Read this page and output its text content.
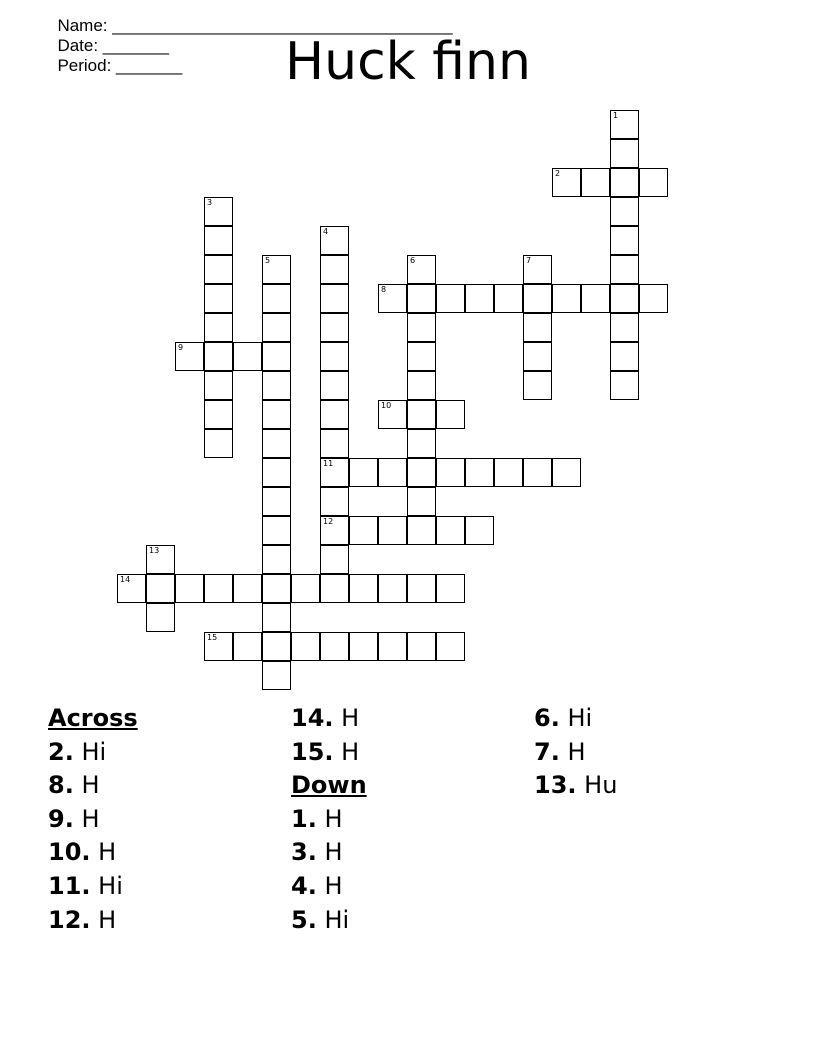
Name: ____________________________________
Date: _______
Period: _______	Huck finn
1
2
3
4
11
12
5	6	7
8
9
10
13
14
15
Across
2. Hi
8. H
9. H
10. H
11. Hi
12. H
14. H
15. H
Down
1. H
3. H
4. H
5. Hi
6. Hi
7. H
13. Hu
